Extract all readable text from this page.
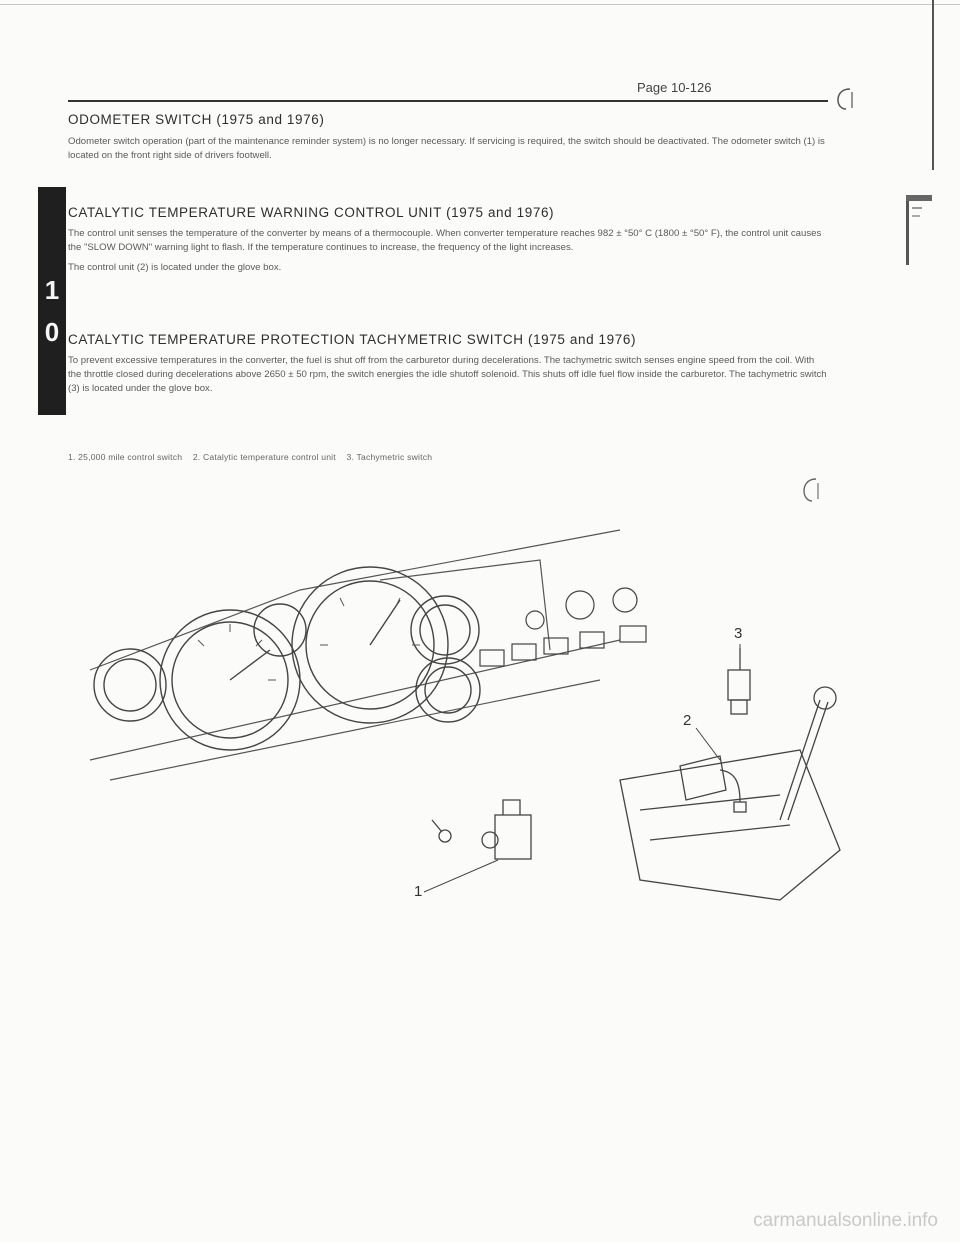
Page 10-126
ODOMETER SWITCH (1975 and 1976)

Odometer switch operation (part of the maintenance reminder system) is no longer necessary. If servicing is required, the switch should be deactivated. The odometer switch (1) is located on the front right side of drivers footwell.

1
0
CATALYTIC TEMPERATURE WARNING CONTROL UNIT (1975 and 1976)

The control unit senses the temperature of the converter by means of a thermocouple. When converter temperature reaches 982 ± °50° C (1800 ± °50° F), the control unit causes the "SLOW DOWN" warning light to flash. If the temperature continues to increase, the frequency of the light increases.

The control unit (2) is located under the glove box.

CATALYTIC TEMPERATURE PROTECTION TACHYMETRIC SWITCH (1975 and 1976)

To prevent excessive temperatures in the converter, the fuel is shut off from the carburetor during decelerations. The tachymetric switch senses engine speed from the coil. With the throttle closed during decelerations above 2650 ± 50 rpm, the switch energies the idle shutoff solenoid. This shuts off idle fuel flow inside the carburetor. The tachymetric switch (3) is located under the glove box.

1. 25,000 mile control switch 2. Catalytic temperature control unit 3. Tachymetric switch
1
2
3
carmanualsonline.info
